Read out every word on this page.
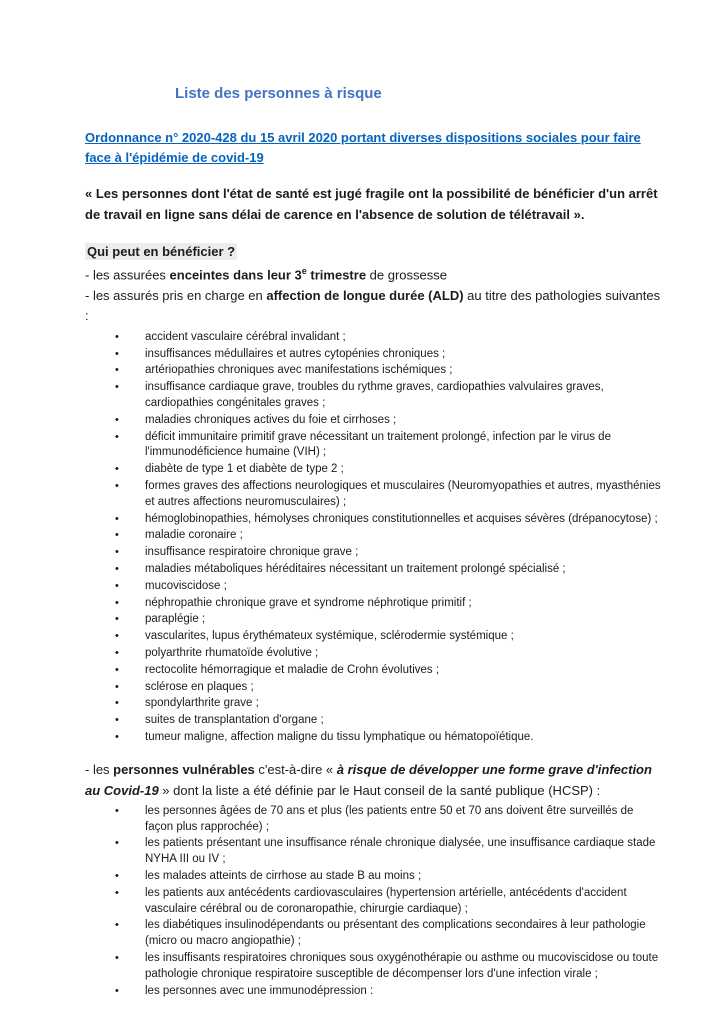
Liste des personnes à risque

Ordonnance n° 2020-428 du 15 avril 2020 portant diverses dispositions sociales pour faire face à l'épidémie de covid-19

« Les personnes dont l'état de santé est jugé fragile ont la possibilité de bénéficier d'un arrêt de travail en ligne sans délai de carence en l'absence de solution de télétravail ».

Qui peut en bénéficier ?

- les assurées enceintes dans leur 3e trimestre de grossesse

- les assurés pris en charge en affection de longue durée (ALD) au titre des pathologies suivantes :

•	accident vasculaire cérébral invalidant ;
•	insuffisances médullaires et autres cytopénies chroniques ;
•	artériopathies chroniques avec manifestations ischémiques ;
•	insuffisance cardiaque grave, troubles du rythme graves, cardiopathies valvulaires graves, cardiopathies congénitales graves ;
•	maladies chroniques actives du foie et cirrhoses ;
•	déficit immunitaire primitif grave nécessitant un traitement prolongé, infection par le virus de l'immunodéficience humaine (VIH) ;
•	diabète de type 1 et diabète de type 2 ;
•	formes graves des affections neurologiques et musculaires (Neuromyopathies et autres, myasthénies et autres affections neuromusculaires) ;
•	hémoglobinopathies, hémolyses chroniques constitutionnelles et acquises sévères (drépanocytose) ;
•	maladie coronaire ;
•	insuffisance respiratoire chronique grave ;
•	maladies métaboliques héréditaires nécessitant un traitement prolongé spécialisé ;
•	mucoviscidose ;
•	néphropathie chronique grave et syndrome néphrotique primitif ;
•	paraplégie ;
•	vascularites, lupus érythémateux systémique, sclérodermie systémique ;
•	polyarthrite rhumatoïde évolutive ;
•	rectocolite hémorragique et maladie de Crohn évolutives ;
•	sclérose en plaques ;
•	spondylarthrite grave ;
•	suites de transplantation d'organe ;
•	tumeur maligne, affection maligne du tissu lymphatique ou hématopoïétique.

- les personnes vulnérables c'est-à-dire « à risque de développer une forme grave d'infection au Covid-19 » dont la liste a été définie par le Haut conseil de la santé publique (HCSP) :

•	les personnes âgées de 70 ans et plus (les patients entre 50 et 70 ans doivent être surveillés de façon plus rapprochée) ;
•	les patients présentant une insuffisance rénale chronique dialysée, une insuffisance cardiaque stade NYHA III ou IV ;
•	les malades atteints de cirrhose au stade B au moins ;
•	les patients aux antécédents cardiovasculaires (hypertension artérielle, antécédents d'accident vasculaire cérébral ou de coronaropathie, chirurgie cardiaque) ;
•	les diabétiques insulinodépendants ou présentant des complications secondaires à leur pathologie (micro ou macro angiopathie) ;
•	les insuffisants respiratoires chroniques sous oxygénothérapie ou asthme ou mucoviscidose ou toute pathologie chronique respiratoire susceptible de décompenser lors d'une infection virale ;
•	les personnes avec une immunodépression :
